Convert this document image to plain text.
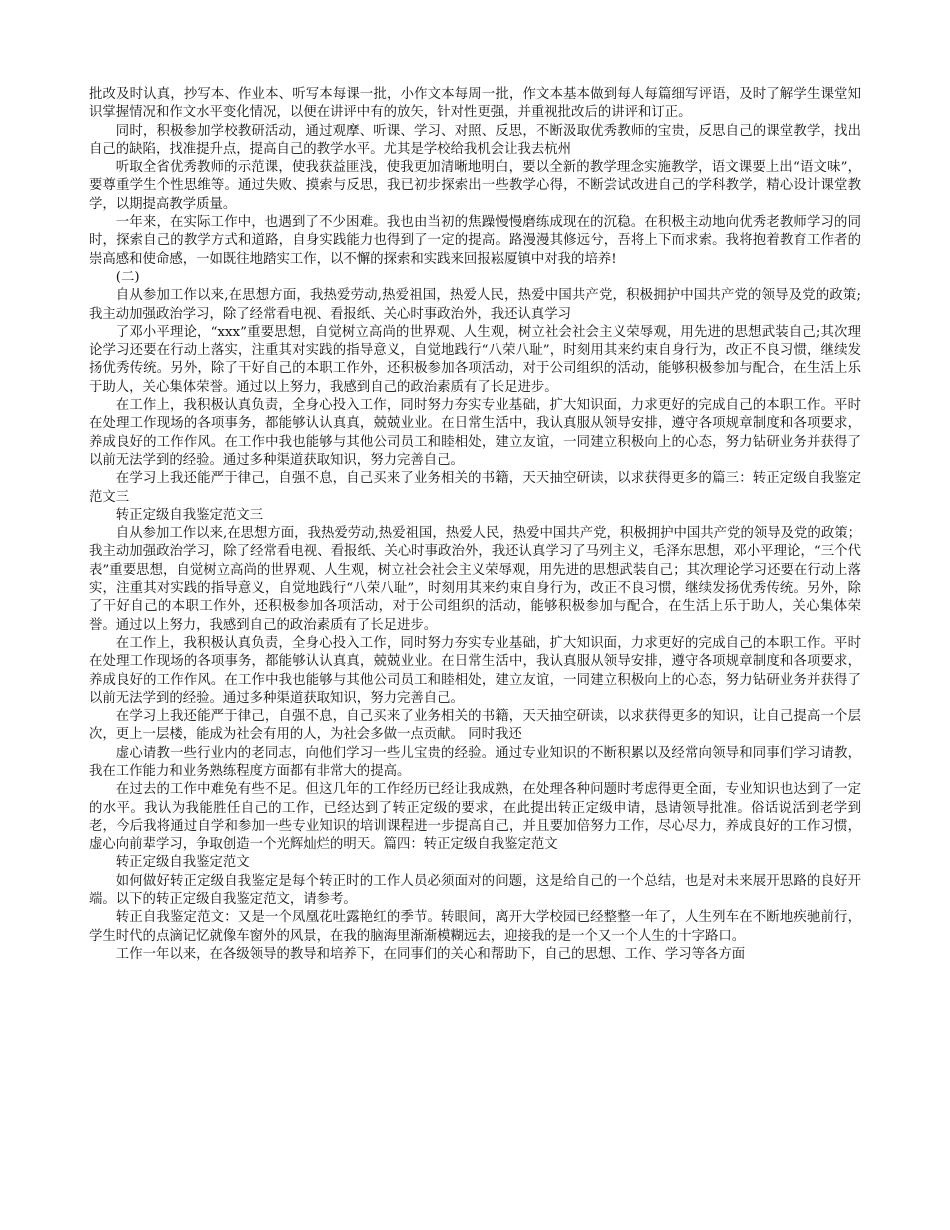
批改及时认真，抄写本、作业本、听写本每课一批，小作文本每周一批，作文本基本做到每人每篇细写评语，及时了解学生课堂知识掌握情况和作文水平变化情况，以便在讲评中有的放矢，针对性更强，并重视批改后的讲评和订正。

同时，积极参加学校教研活动，通过观摩、听课、学习、对照、反思，不断汲取优秀教师的宝贵，反思自己的课堂教学，找出自己的缺陷，找准提升点，提高自己的教学水平。尤其是学校给我机会让我去杭州

听取全省优秀教师的示范课，使我获益匪浅，使我更加清晰地明白，要以全新的教学理念实施教学，语文课要上出“语文味”，要尊重学生个性思维等。通过失败、摸索与反思，我已初步探索出一些教学心得，不断尝试改进自己的学科教学，精心设计课堂教学，以期提高教学质量。

一年来，在实际工作中，也遇到了不少困难。我也由当初的焦躁慢慢磨练成现在的沉稳。在积极主动地向优秀老教师学习的同时，探索自己的教学方式和道路，自身实践能力也得到了一定的提高。路漫漫其修远兮，吾将上下而求索。我将抱着教育工作者的崇高感和使命感，一如既往地踏实工作，以不懈的探索和实践来回报崧厦镇中对我的培养!

(二)

自从参加工作以来,在思想方面，我热爱劳动,热爱祖国，热爱人民，热爱中国共产党，积极拥护中国共产党的领导及党的政策;我主动加强政治学习，除了经常看电视、看报纸、关心时事政治外，我还认真学习

了邓小平理论，“xxx”重要思想，自觉树立高尚的世界观、人生观，树立社会社会主义荣辱观，用先进的思想武装自己;其次理论学习还要在行动上落实，注重其对实践的指导意义，自觉地践行“八荣八耻”，时刻用其来约束自身行为，改正不良习惯，继续发扬优秀传统。另外，除了干好自己的本职工作外，还积极参加各项活动，对于公司组织的活动，能够积极参加与配合，在生活上乐于助人，关心集体荣誉。通过以上努力，我感到自己的政治素质有了长足进步。

在工作上，我积极认真负责，全身心投入工作，同时努力夯实专业基础，扩大知识面，力求更好的完成自己的本职工作。平时在处理工作现场的各项事务，都能够认认真真，兢兢业业。在日常生活中，我认真服从领导安排，遵守各项规章制度和各项要求，养成良好的工作作风。在工作中我也能够与其他公司员工和睦相处，建立友谊，一同建立积极向上的心态，努力钻研业务并获得了以前无法学到的经验。通过多种渠道获取知识，努力完善自己。

在学习上我还能严于律己，自强不息，自己买来了业务相关的书籍，天天抽空研读，以求获得更多的篇三：转正定级自我鉴定范文三

转正定级自我鉴定范文三

自从参加工作以来,在思想方面，我热爱劳动,热爱祖国，热爱人民，热爱中国共产党，积极拥护中国共产党的领导及党的政策；我主动加强政治学习，除了经常看电视、看报纸、关心时事政治外，我还认真学习了马列主义，毛泽东思想，邓小平理论，“三个代表”重要思想，自觉树立高尚的世界观、人生观，树立社会社会主义荣辱观，用先进的思想武装自己；其次理论学习还要在行动上落实，注重其对实践的指导意义，自觉地践行“八荣八耻”，时刻用其来约束自身行为，改正不良习惯，继续发扬优秀传统。另外，除了干好自己的本职工作外，还积极参加各项活动，对于公司组织的活动，能够积极参加与配合，在生活上乐于助人，关心集体荣誉。通过以上努力，我感到自己的政治素质有了长足进步。

在工作上，我积极认真负责，全身心投入工作，同时努力夯实专业基础，扩大知识面，力求更好的完成自己的本职工作。平时在处理工作现场的各项事务，都能够认认真真，兢兢业业。在日常生活中，我认真服从领导安排，遵守各项规章制度和各项要求，养成良好的工作作风。在工作中我也能够与其他公司员工和睦相处，建立友谊，一同建立积极向上的心态，努力钻研业务并获得了以前无法学到的经验。通过多种渠道获取知识，努力完善自己。

在学习上我还能严于律己，自强不息，自己买来了业务相关的书籍，天天抽空研读，以求获得更多的知识，让自己提高一个层次，更上一层楼，能成为社会有用的人，为社会多做一点贡献。 同时我还

虚心请教一些行业内的老同志，向他们学习一些儿宝贵的经验。通过专业知识的不断积累以及经常向领导和同事们学习请教，我在工作能力和业务熟练程度方面都有非常大的提高。

在过去的工作中难免有些不足。但这几年的工作经历已经让我成熟，在处理各种问题时考虑得更全面，专业知识也达到了一定的水平。我认为我能胜任自己的工作，已经达到了转正定级的要求，在此提出转正定级申请，恳请领导批准。俗话说活到老学到老，今后我将通过自学和参加一些专业知识的培训课程进一步提高自己，并且要加倍努力工作，尽心尽力，养成良好的工作习惯，虚心向前辈学习，争取创造一个光辉灿烂的明天。篇四：转正定级自我鉴定范文

转正定级自我鉴定范文

如何做好转正定级自我鉴定是每个转正时的工作人员必须面对的问题，这是给自己的一个总结，也是对未来展开思路的良好开端。以下的转正定级自我鉴定范文，请参考。

转正自我鉴定范文：又是一个凤凰花吐露艳红的季节。转眼间，离开大学校园已经整整一年了，人生列车在不断地疾驰前行，学生时代的点滴记忆就像车窗外的风景，在我的脑海里渐渐模糊远去，迎接我的是一个又一个人生的十字路口。

工作一年以来，在各级领导的教导和培养下，在同事们的关心和帮助下，自己的思想、工作、学习等各方面
